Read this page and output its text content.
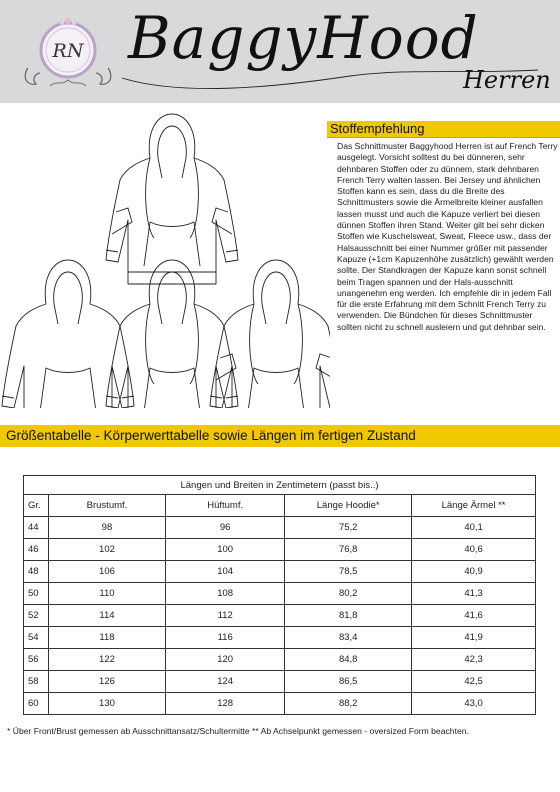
RN BaggyHood
Herren
Stoffempfehlung
Das Schnittmuster Baggyhood Herren ist auf French Terry ausgelegt. Vorsicht solltest du bei dünneren, sehr dehnbaren Stoffen oder zu dünnem, stark dehnbaren French Terry walten lassen. Bei Jersey und ähnlichen Stoffen kann es sein, dass du die Breite des Schnittmusters sowie die Ärmelbreite kleiner ausfallen lassen musst und auch die Kapuze verliert bei diesen dünnen Stoffen ihren Stand. Weiter gilt bei sehr dicken Stoffen wie Kuschelsweat, Sweat, Fleece usw., dass der Halsausschnitt bei einer Nummer größer mit passender Kapuze (+1cm Kapuzenhöhe zusätzlich) gewählt werden sollte. Der Standkragen der Kapuze kann sonst schnell beim Tragen spannen und der Hals-ausschnitt unangenehm eng werden. Ich empfehle dir in jedem Fall für die erste Erfahrung mit dem Schnitt French Terry zu verwenden. Die Bündchen für dieses Schnittmuster sollten nicht zu schnell ausleiern und gut dehnbar sein.
Größentabelle - Körperwerttabelle sowie Längen im fertigen Zustand
Längen und Breiten in Zentimetern (passt bis..)				
Gr.	Brustumf.	Hüftumf.	Länge Hoodie*	Länge Ärmel **
44	98	96	75,2	40,1
46	102	100	76,8	40,6
48	106	104	78,5	40,9
50	110	108	80,2	41,3
52	114	112	81,8	41,6
54	118	116	83,4	41,9
56	122	120	84,8	42,3
58	126	124	86,5	42,5
60	130	128	88,2	43,0
* Über Front/Brust gemessen ab Ausschnittansatz/Schultermitte ** Ab Achselpunkt gemessen - oversized Form beachten.
